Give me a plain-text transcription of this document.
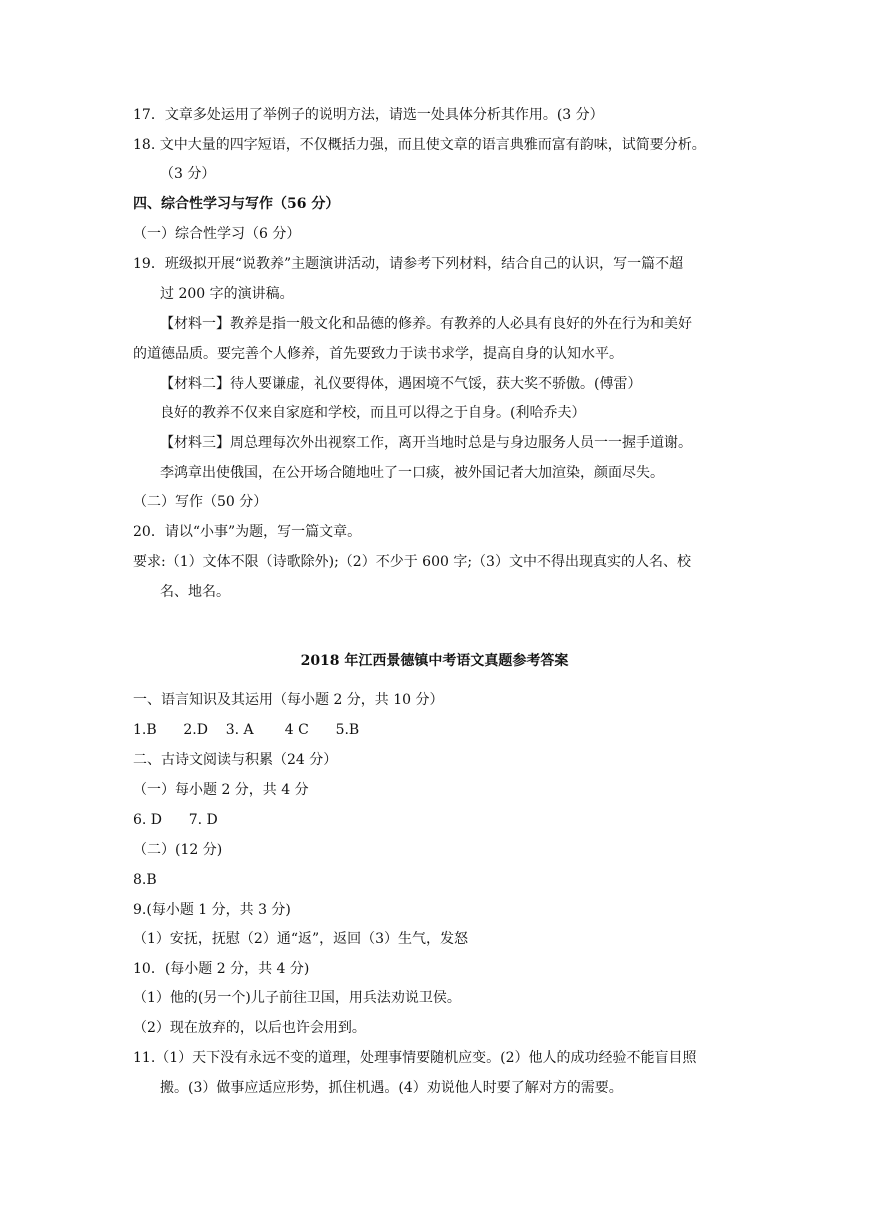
17．文章多处运用了举例子的说明方法，请选一处具体分析其作用。(3 分）
18. 文中大量的四字短语，不仅概括力强，而且使文章的语言典雅而富有韵味，试简要分析。
（3 分）
四、综合性学习与写作（56 分）
（一）综合性学习（6 分）
19．班级拟开展“说教养”主题演讲活动，请参考下列材料，结合自己的认识，写一篇不超
过 200 字的演讲稿。
【材料一】教养是指一般文化和品德的修养。有教养的人必具有良好的外在行为和美好
的道德品质。要完善个人修养，首先要致力于读书求学，提高自身的认知水平。
【材料二】待人要谦虚，礼仪要得体，遇困境不气馁，获大奖不骄傲。(傅雷）
良好的教养不仅来自家庭和学校，而且可以得之于自身。(利哈乔夫）
【材料三】周总理每次外出视察工作，离开当地时总是与身边服务人员一一握手道谢。
李鸿章出使俄国，在公开场合随地吐了一口痰，被外国记者大加渲染，颜面尽失。
（二）写作（50 分）
20．请以“小事”为题，写一篇文章。
要求:（1）文体不限（诗歌除外);（2）不少于 600 字;（3）文中不得出现真实的人名、校
名、地名。
2018 年江西景德镇中考语文真题参考答案
一、语言知识及其运用（每小题 2 分，共 10 分）
1.B      2.D    3. A       4 C      5.B
二、古诗文阅读与积累（24 分）
（一）每小题 2 分，共 4 分
6. D      7. D
（二）(12 分)
8.B
9.(每小题 1 分，共 3 分)
（1）安抚，抚慰（2）通“返”，返回（3）生气，发怒
10．(每小题 2 分，共 4 分)
（1）他的(另一个)儿子前往卫国，用兵法劝说卫侯。
（2）现在放弃的，以后也许会用到。
11.（1）天下没有永远不变的道理，处理事情要随机应变。(2）他人的成功经验不能盲目照
搬。(3）做事应适应形势，抓住机遇。(4）劝说他人时要了解对方的需要。
